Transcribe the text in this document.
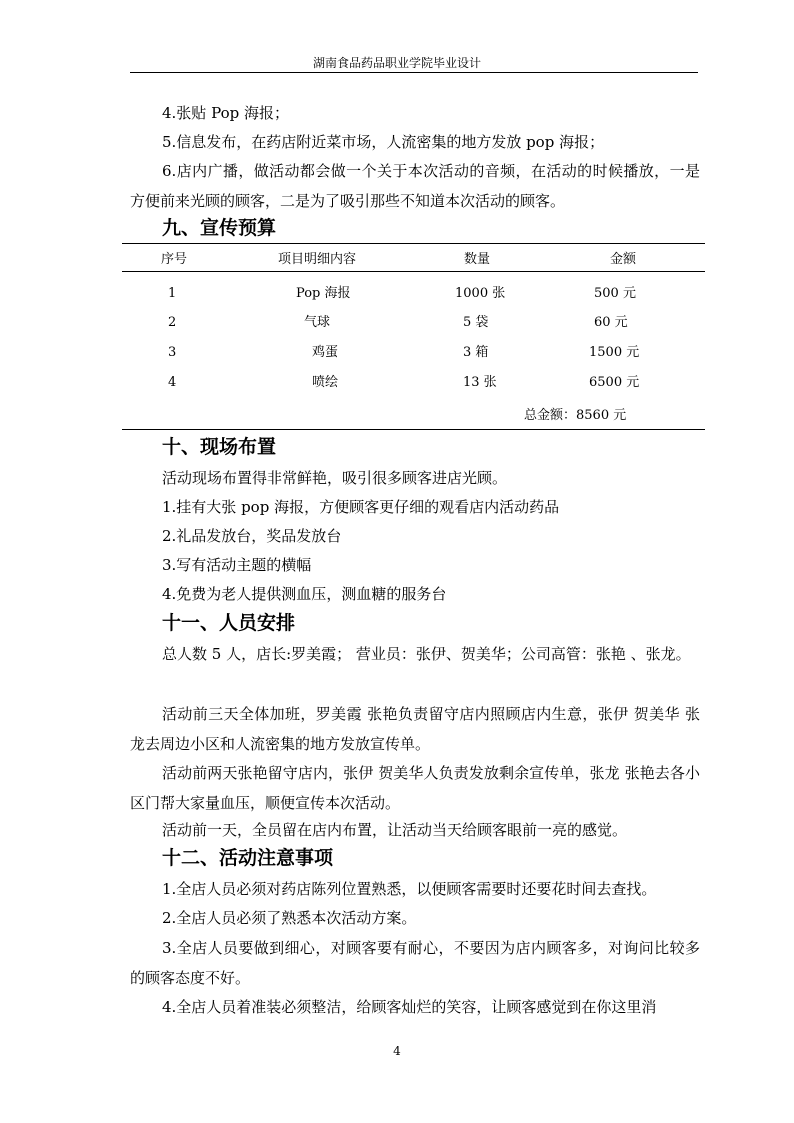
湖南食品药品职业学院毕业设计

4.张贴 Pop 海报；

5.信息发布，在药店附近菜市场，人流密集的地方发放 pop 海报；

6.店内广播，做活动都会做一个关于本次活动的音频，在活动的时候播放，一是方便前来光顾的顾客，二是为了吸引那些不知道本次活动的顾客。

九、宣传预算
序号	项目明细内容	数量	金额
1	Pop 海报	1000 张	500 元
2	气球	5 袋	60 元
3	鸡蛋	3 箱	1500 元
4	喷绘	13 张	6500 元
总金额：8560 元
十、现场布置

活动现场布置得非常鲜艳，吸引很多顾客进店光顾。

1.挂有大张 pop 海报，方便顾客更仔细的观看店内活动药品

2.礼品发放台，奖品发放台

3.写有活动主题的横幅

4.免费为老人提供测血压，测血糖的服务台

十一、人员安排

总人数 5 人，店长:罗美霞； 营业员：张伊、贺美华；公司高管：张艳 、张龙。

活动前三天全体加班，罗美霞 张艳负责留守店内照顾店内生意，张伊 贺美华 张龙去周边小区和人流密集的地方发放宣传单。

活动前两天张艳留守店内，张伊 贺美华人负责发放剩余宣传单，张龙 张艳去各小区门帮大家量血压，顺便宣传本次活动。

活动前一天，全员留在店内布置，让活动当天给顾客眼前一亮的感觉。

十二、活动注意事项

1.全店人员必须对药店陈列位置熟悉，以便顾客需要时还要花时间去查找。

2.全店人员必须了熟悉本次活动方案。

3.全店人员要做到细心，对顾客要有耐心，不要因为店内顾客多，对询问比较多的顾客态度不好。

4.全店人员着准装必须整洁，给顾客灿烂的笑容，让顾客感觉到在你这里消

4
